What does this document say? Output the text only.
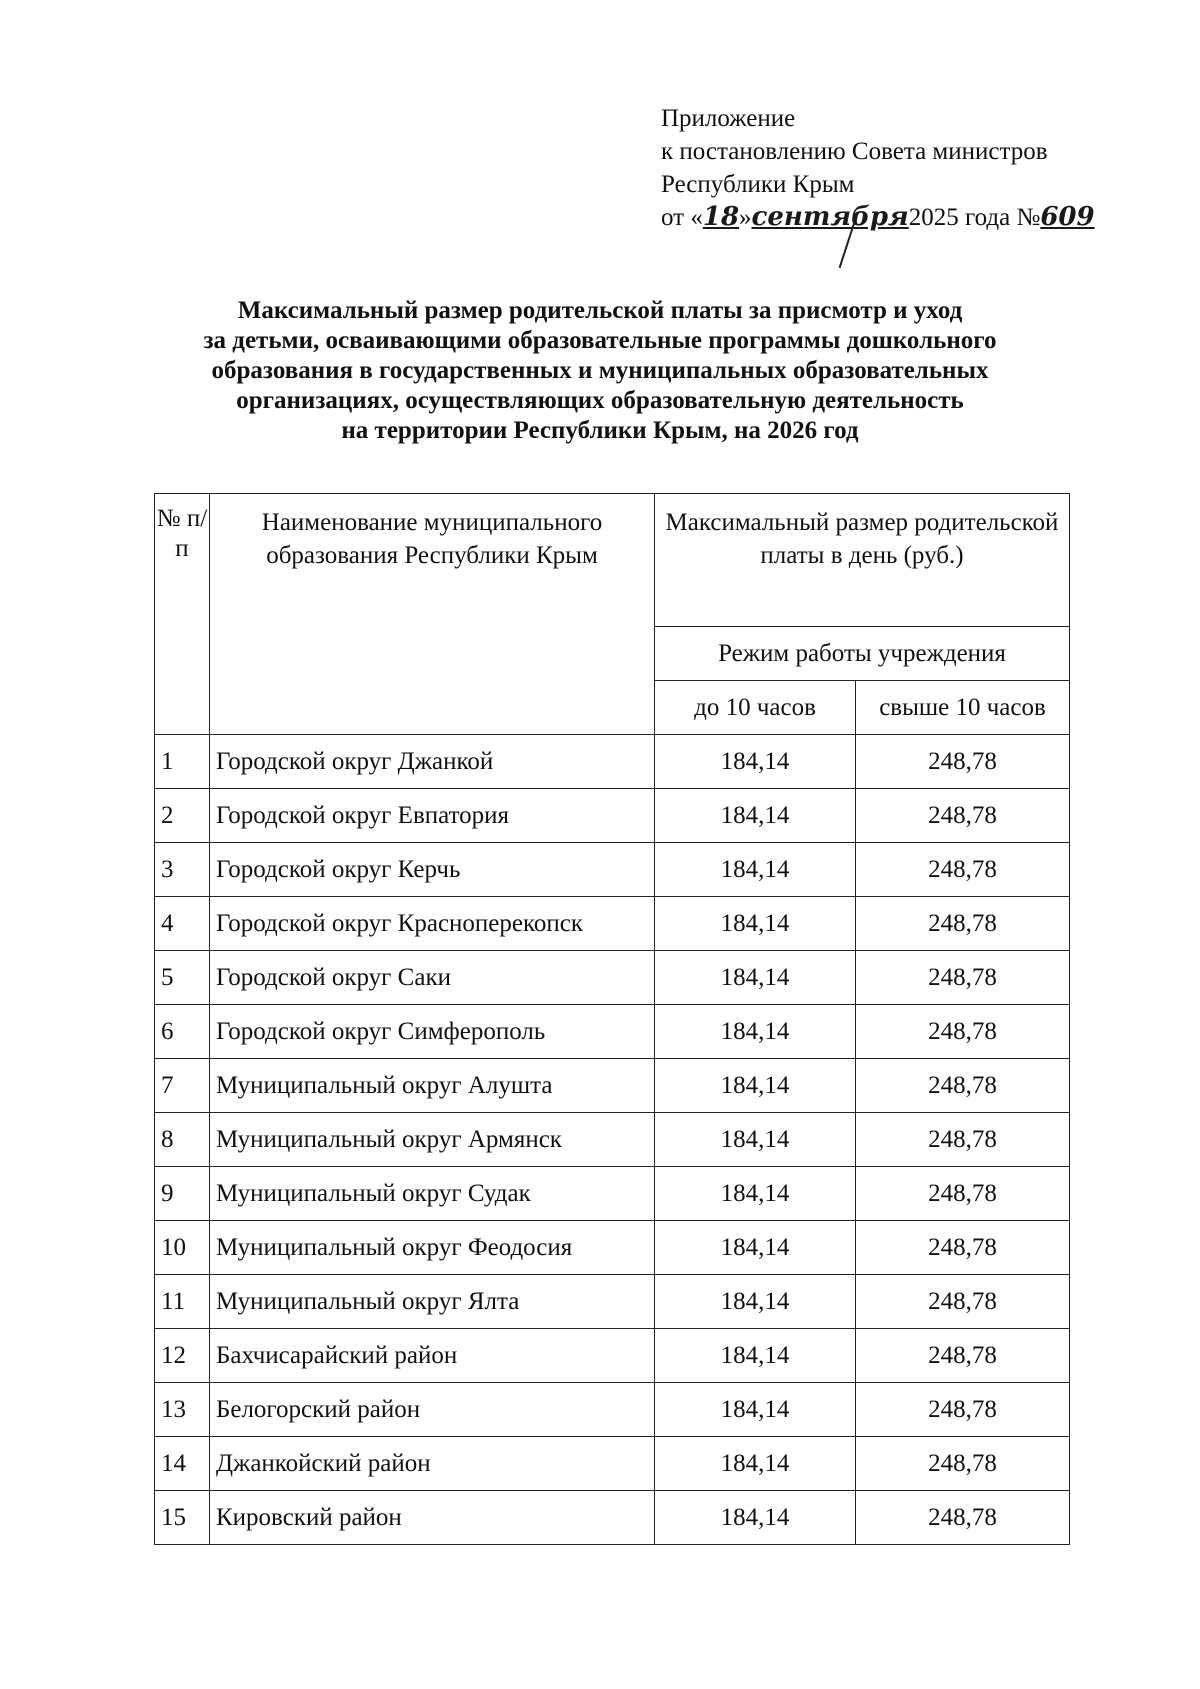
Приложение
к постановлению Совета министров
Республики Крым
от «18»сентября2025 года №609
Максимальный размер родительской платы за присмотр и уход
за детьми, осваивающими образовательные программы дошкольного
образования в государственных и муниципальных образовательных
организациях, осуществляющих образовательную деятельность
на территории Республики Крым, на 2026 год
№ п/п	Наименование муниципального образования Республики Крым	Максимальный размер родительской платы в день (руб.)	
		Режим работы учреждения	
		до 10 часов	свыше 10 часов
1	Городской округ Джанкой	184,14	248,78
2	Городской округ Евпатория	184,14	248,78
3	Городской округ Керчь	184,14	248,78
4	Городской округ Красноперекопск	184,14	248,78
5	Городской округ Саки	184,14	248,78
6	Городской округ Симферополь	184,14	248,78
7	Муниципальный округ Алушта	184,14	248,78
8	Муниципальный округ Армянск	184,14	248,78
9	Муниципальный округ Судак	184,14	248,78
10	Муниципальный округ Феодосия	184,14	248,78
11	Муниципальный округ Ялта	184,14	248,78
12	Бахчисарайский район	184,14	248,78
13	Белогорский район	184,14	248,78
14	Джанкойский район	184,14	248,78
15	Кировский район	184,14	248,78
